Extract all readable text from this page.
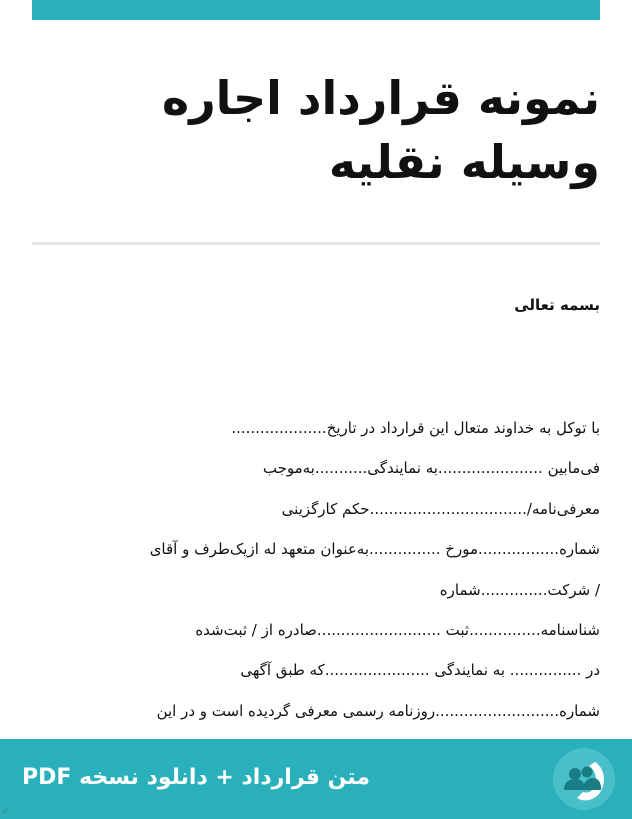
نمونه قرارداد اجاره
وسیله نقلیه
بسمه تعالی
با توکل به خداوند متعال این قرارداد در تاریخ....................
فی‌مابین ......................به نمایندگی...........به‌موجب
معرفی‌نامه/.................................حکم کارگزینی
شماره.................مورخ ...............به‌عنوان متعهد له ازیک‌طرف و آقای
/ شرکت..............شماره
شناسنامه...............ثبت ..........................صادره از / ثبت‌شده
در ............... به نمایندگی ......................که طبق آگهی
شماره..........................روزنامه رسمی معرفی گردیده است و در این
متن قرارداد + دانلود نسخه PDF
ر
